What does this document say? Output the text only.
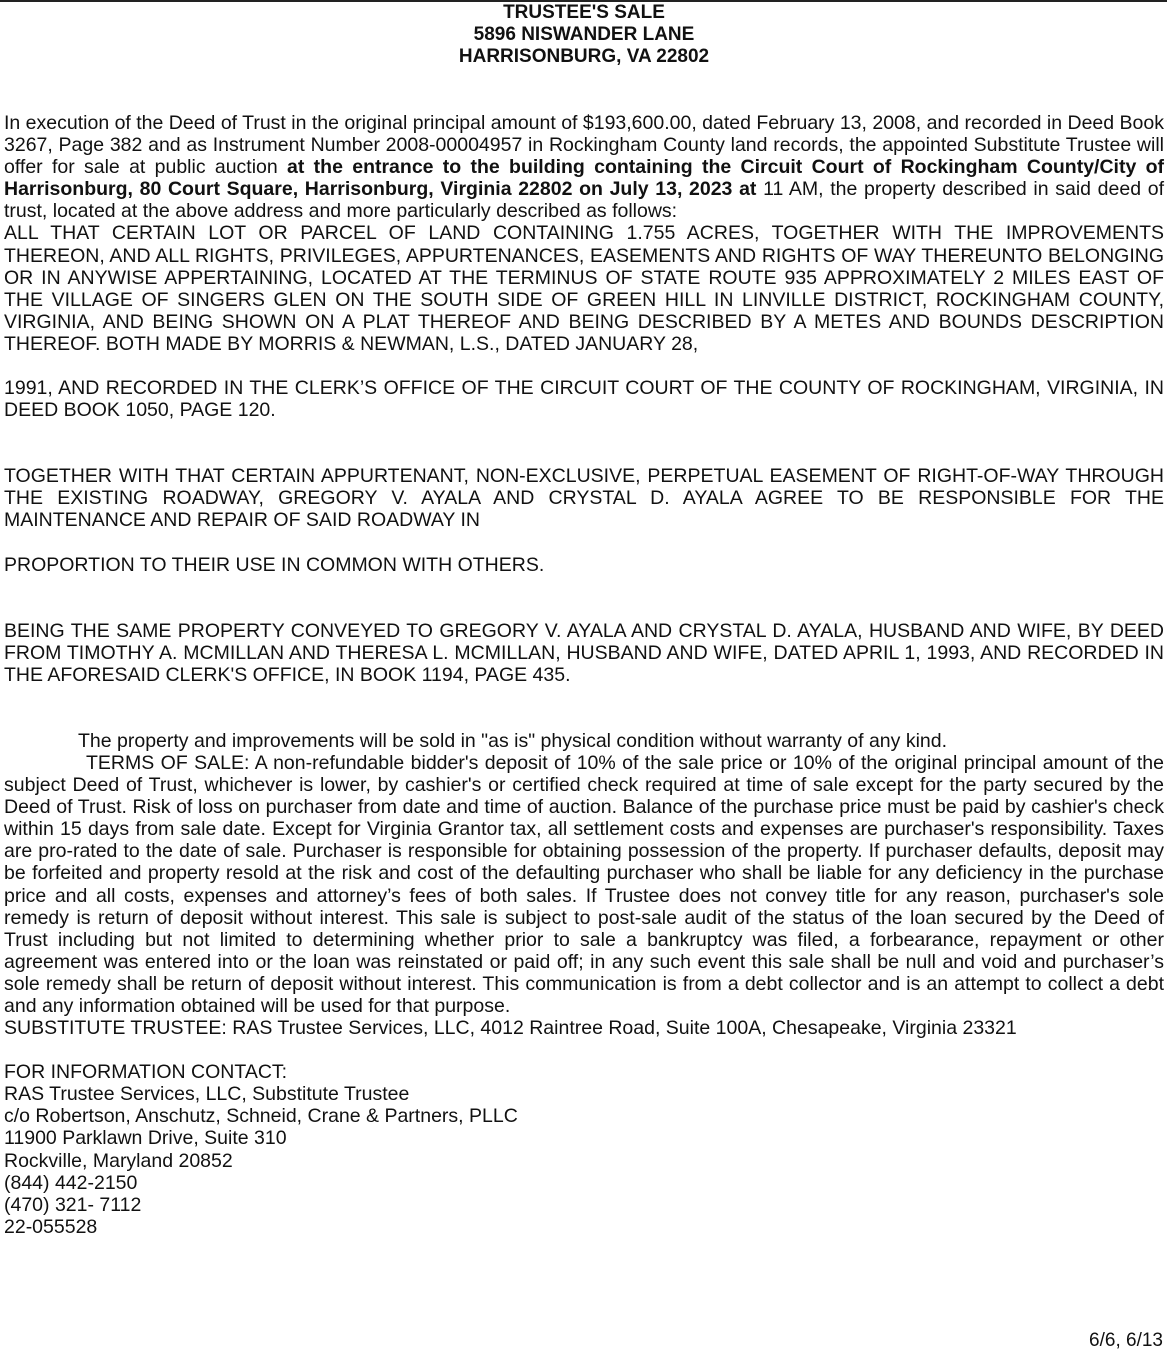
TRUSTEE'S SALE
5896 NISWANDER LANE
HARRISONBURG, VA 22802

In execution of the Deed of Trust in the original principal amount of $193,600.00, dated February 13, 2008, and recorded in Deed Book 3267, Page 382 and as Instrument Number 2008-00004957 in Rockingham County land records, the appointed Substitute Trustee will offer for sale at public auction at the entrance to the building containing the Circuit Court of Rockingham County/City of Harrisonburg, 80 Court Square, Harrisonburg, Virginia 22802 on July 13, 2023 at 11 AM, the property described in said deed of trust, located at the above address and more particularly described as follows:

ALL THAT CERTAIN LOT OR PARCEL OF LAND CONTAINING 1.755 ACRES, TOGETHER WITH THE IMPROVEMENTS THEREON, AND ALL RIGHTS, PRIVILEGES, APPURTENANCES, EASEMENTS AND RIGHTS OF WAY THEREUNTO BELONGING OR IN ANYWISE APPERTAINING, LOCATED AT THE TERMINUS OF STATE ROUTE 935 APPROXIMATELY 2 MILES EAST OF THE VILLAGE OF SINGERS GLEN ON THE SOUTH SIDE OF GREEN HILL IN LINVILLE DISTRICT, ROCKINGHAM COUNTY, VIRGINIA, AND BEING SHOWN ON A PLAT THEREOF AND BEING DESCRIBED BY A METES AND BOUNDS DESCRIPTION THEREOF. BOTH MADE BY MORRIS & NEWMAN, L.S., DATED JANUARY 28,

1991, AND RECORDED IN THE CLERK’S OFFICE OF THE CIRCUIT COURT OF THE COUNTY OF ROCKINGHAM, VIRGINIA, IN DEED BOOK 1050, PAGE 120.

TOGETHER WITH THAT CERTAIN APPURTENANT, NON-EXCLUSIVE, PERPETUAL EASEMENT OF RIGHT-OF-WAY THROUGH THE EXISTING ROADWAY, GREGORY V. AYALA AND CRYSTAL D. AYALA AGREE TO BE RESPONSIBLE FOR THE MAINTENANCE AND REPAIR OF SAID ROADWAY IN

PROPORTION TO THEIR USE IN COMMON WITH OTHERS.

BEING THE SAME PROPERTY CONVEYED TO GREGORY V. AYALA AND CRYSTAL D. AYALA, HUSBAND AND WIFE, BY DEED FROM TIMOTHY A. MCMILLAN AND THERESA L. MCMILLAN, HUSBAND AND WIFE, DATED APRIL 1, 1993, AND RECORDED IN THE AFORESAID CLERK'S OFFICE, IN BOOK 1194, PAGE 435.

The property and improvements will be sold in "as is" physical condition without warranty of any kind.

TERMS OF SALE: A non-refundable bidder's deposit of 10% of the sale price or 10% of the original principal amount of the subject Deed of Trust, whichever is lower, by cashier's or certified check required at time of sale except for the party secured by the Deed of Trust. Risk of loss on purchaser from date and time of auction. Balance of the purchase price must be paid by cashier's check within 15 days from sale date. Except for Virginia Grantor tax, all settlement costs and expenses are purchaser's responsibility. Taxes are pro-rated to the date of sale. Purchaser is responsible for obtaining possession of the property. If purchaser defaults, deposit may be forfeited and property resold at the risk and cost of the defaulting purchaser who shall be liable for any deficiency in the purchase price and all costs, expenses and attorney’s fees of both sales. If Trustee does not convey title for any reason, purchaser's sole remedy is return of deposit without interest. This sale is subject to post-sale audit of the status of the loan secured by the Deed of Trust including but not limited to determining whether prior to sale a bankruptcy was filed, a forbearance, repayment or other agreement was entered into or the loan was reinstated or paid off; in any such event this sale shall be null and void and purchaser’s sole remedy shall be return of deposit without interest. This communication is from a debt collector and is an attempt to collect a debt and any information obtained will be used for that purpose.

SUBSTITUTE TRUSTEE: RAS Trustee Services, LLC, 4012 Raintree Road, Suite 100A, Chesapeake, Virginia 23321

FOR INFORMATION CONTACT:
RAS Trustee Services, LLC, Substitute Trustee
c/o Robertson, Anschutz, Schneid, Crane & Partners, PLLC
11900 Parklawn Drive, Suite 310
Rockville, Maryland 20852
(844) 442-2150
(470) 321- 7112
22-055528
6/6, 6/13
